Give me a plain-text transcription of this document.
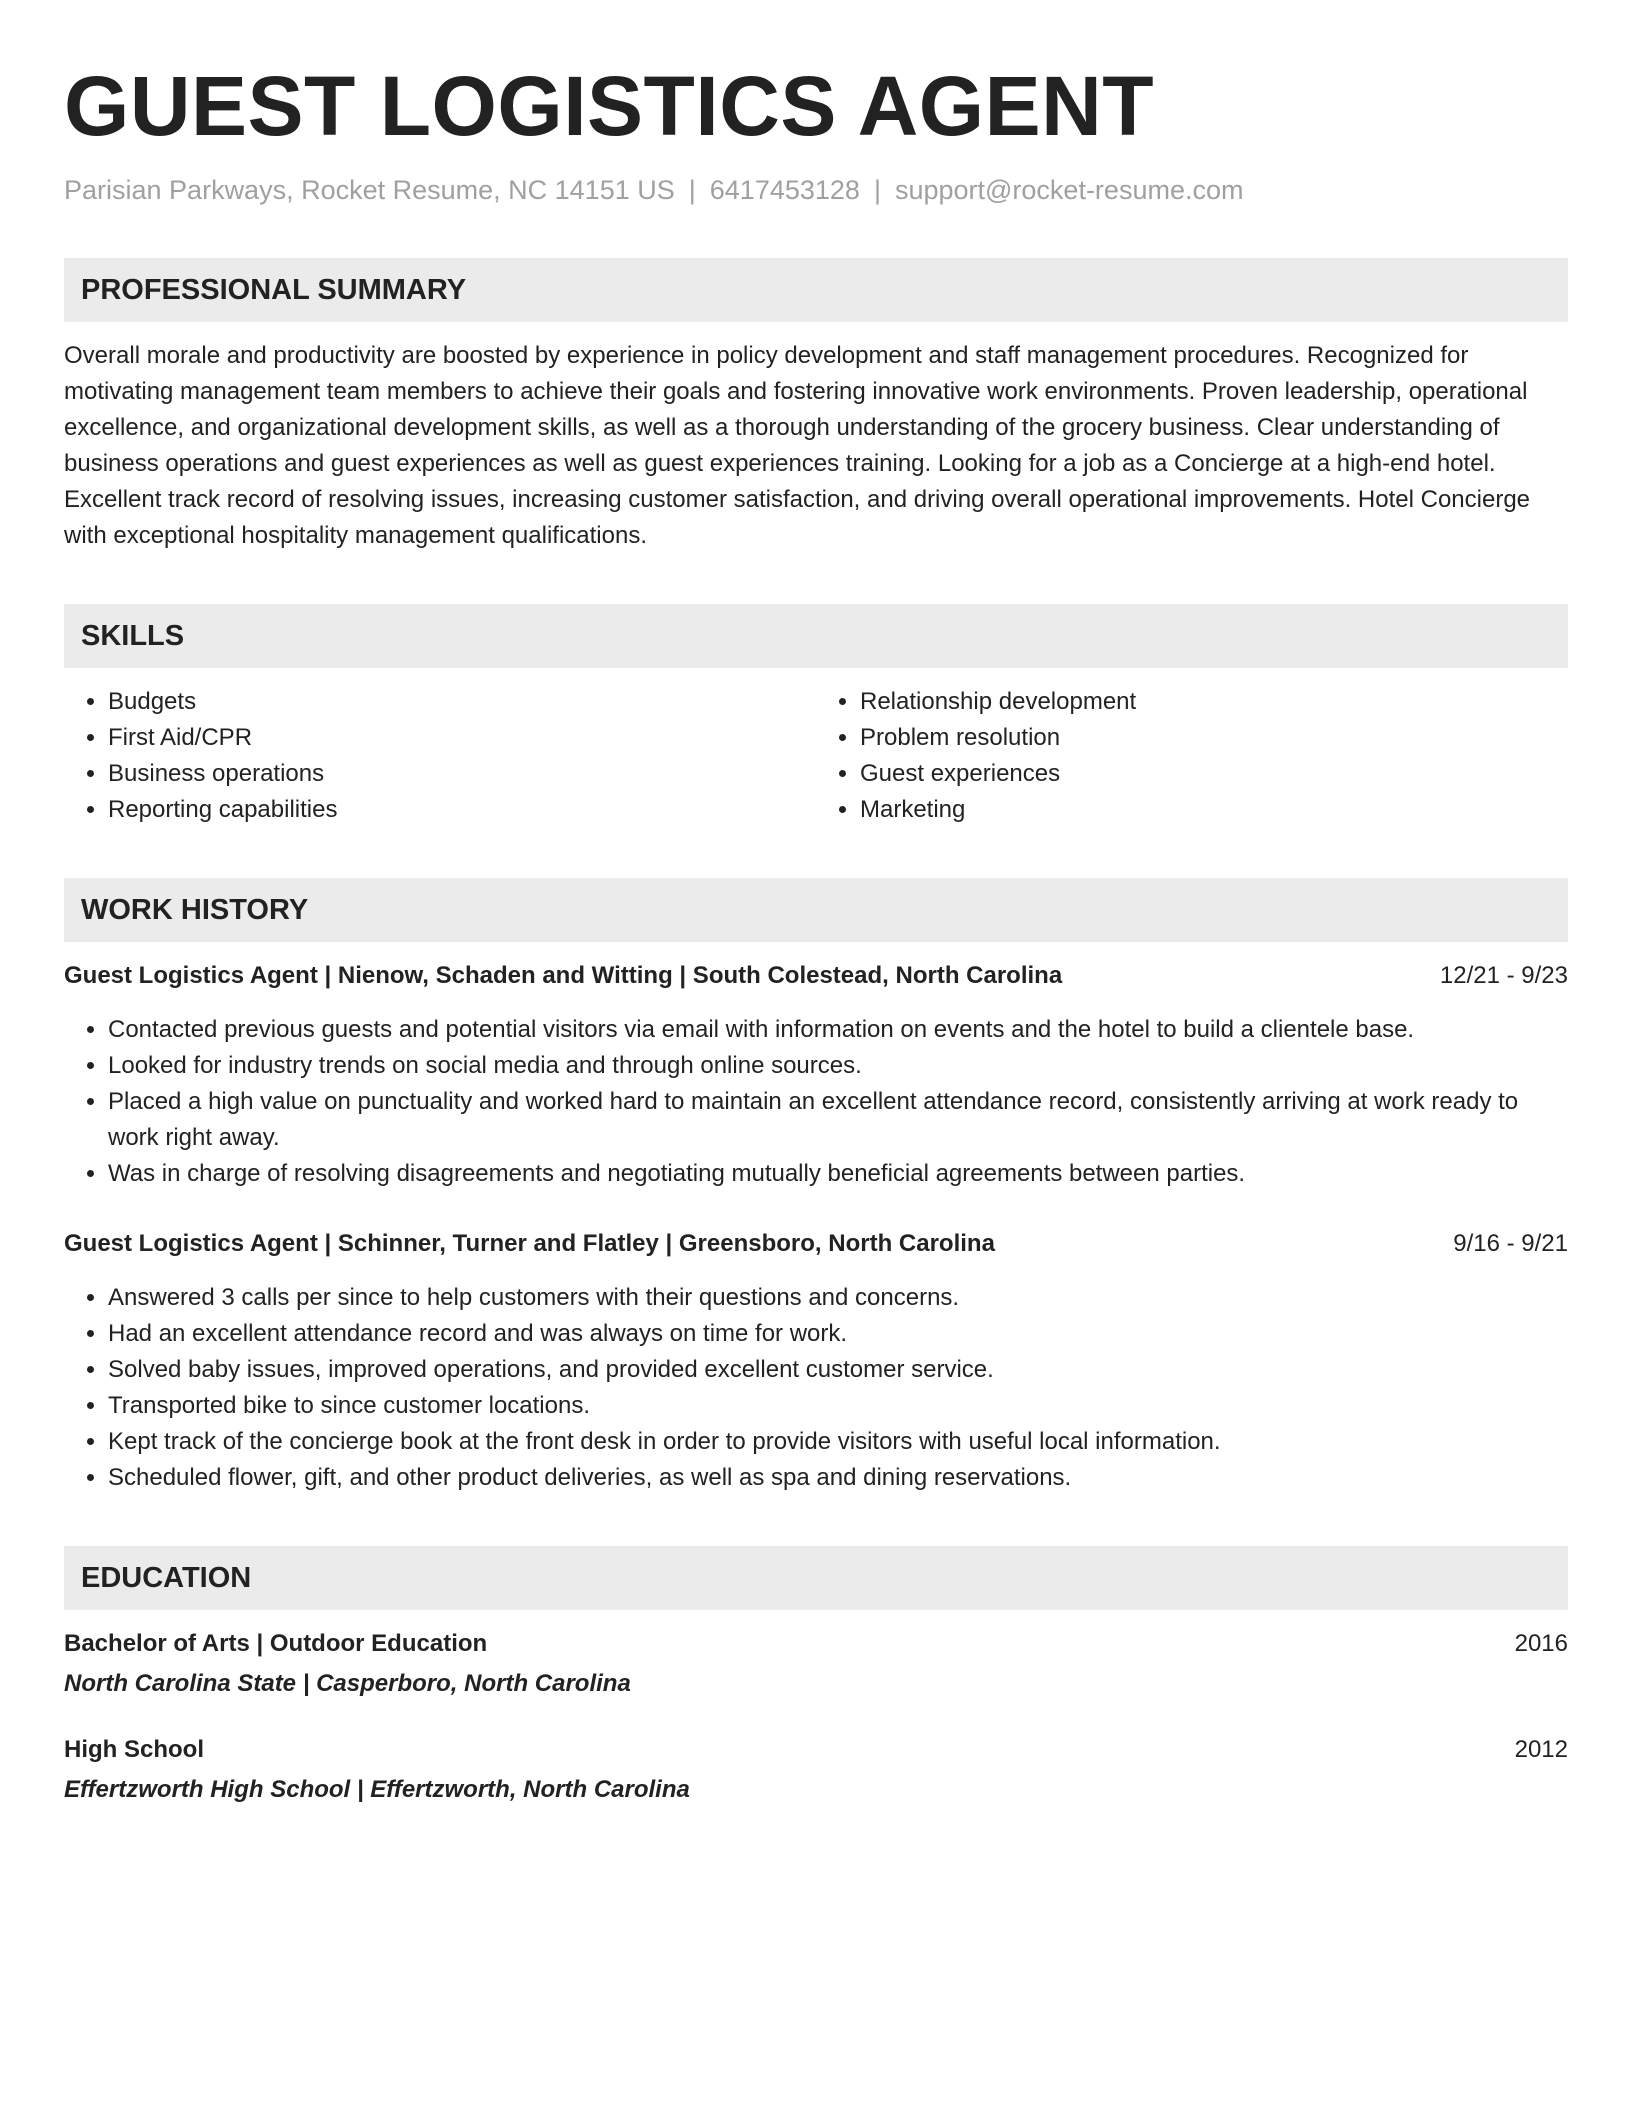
GUEST LOGISTICS AGENT
Parisian Parkways, Rocket Resume, NC 14151 US | 6417453128 | support@rocket-resume.com
PROFESSIONAL SUMMARY

Overall morale and productivity are boosted by experience in policy development and staff management procedures. Recognized for motivating management team members to achieve their goals and fostering innovative work environments. Proven leadership, operational excellence, and organizational development skills, as well as a thorough understanding of the grocery business. Clear understanding of business operations and guest experiences as well as guest experiences training. Looking for a job as a Concierge at a high-end hotel. Excellent track record of resolving issues, increasing customer satisfaction, and driving overall operational improvements. Hotel Concierge with exceptional hospitality management qualifications.

SKILLS
• Budgets
• First Aid/CPR
• Business operations
• Reporting capabilities
• Relationship development
• Problem resolution
• Guest experiences
• Marketing
WORK HISTORY
Guest Logistics Agent | Nienow, Schaden and Witting | South Colestead, North Carolina	12/21 - 9/23
• Contacted previous guests and potential visitors via email with information on events and the hotel to build a clientele base.
• Looked for industry trends on social media and through online sources.
• Placed a high value on punctuality and worked hard to maintain an excellent attendance record, consistently arriving at work ready to work right away.
• Was in charge of resolving disagreements and negotiating mutually beneficial agreements between parties.
Guest Logistics Agent | Schinner, Turner and Flatley | Greensboro, North Carolina	9/16 - 9/21
• Answered 3 calls per since to help customers with their questions and concerns.
• Had an excellent attendance record and was always on time for work.
• Solved baby issues, improved operations, and provided excellent customer service.
• Transported bike to since customer locations.
• Kept track of the concierge book at the front desk in order to provide visitors with useful local information.
• Scheduled flower, gift, and other product deliveries, as well as spa and dining reservations.
EDUCATION
Bachelor of Arts | Outdoor Education	2016
North Carolina State | Casperboro, North Carolina
High School	2012
Effertzworth High School | Effertzworth, North Carolina
